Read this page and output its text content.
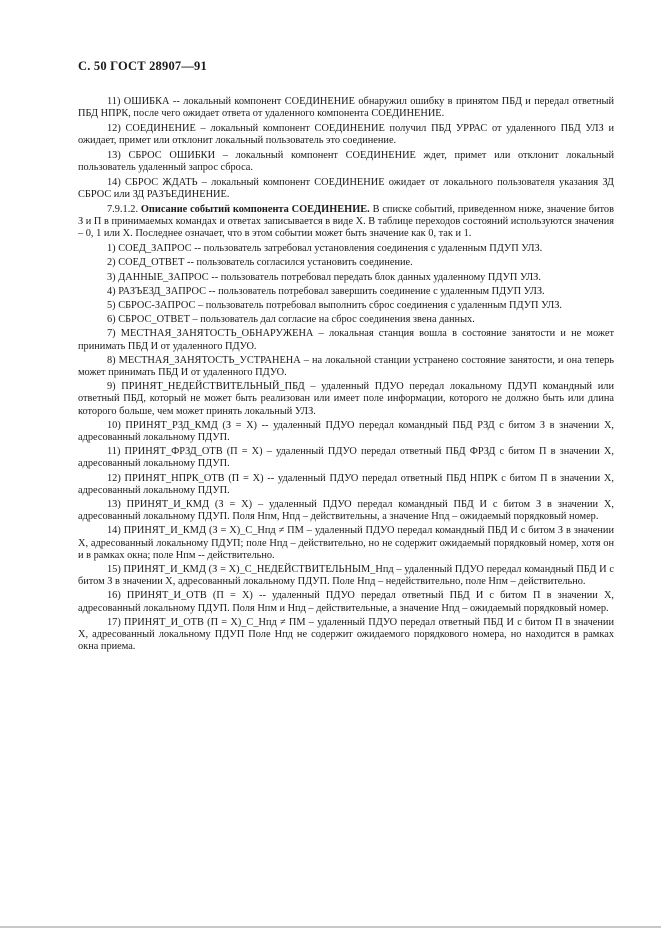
С. 50 ГОСТ 28907—91

11) ОШИБКА -- локальный компонент СОЕДИНЕНИЕ обнаружил ошибку в принятом ПБД и передал ответный ПБД НПРК, после чего ожидает ответа от удаленного компонента СОЕДИНЕНИЕ.

12) СОЕДИНЕНИЕ – локальный компонент СОЕДИНЕНИЕ получил ПБД УРРАС от удаленного ПБД УЛЗ и ожидает, примет или отклонит локальный пользователь это соединение.

13) СБРОС ОШИБКИ – локальный компонент СОЕДИНЕНИЕ ждет, примет или отклонит локальный пользователь удаленный запрос сброса.

14) СБРОС ЖДАТЬ – локальный компонент СОЕДИНЕНИЕ ожидает от локального пользователя указания ЗД СБРОС или ЗД РАЗЪЕДИНЕНИЕ.

7.9.1.2. Описание событий компонента СОЕДИНЕНИЕ. В списке событий, приведенном ниже, значение битов З и П в принимаемых командах и ответах записывается в виде Х. В таблице переходов состояний используются значения – 0, 1 или Х. Последнее означает, что в этом событии может быть значение как 0, так и 1.

1) СОЕД_ЗАПРОС -- пользователь затребовал установления соединения с удаленным ПДУП УЛЗ.

2) СОЕД_ОТВЕТ -- пользователь согласился установить соединение.

3) ДАННЫЕ_ЗАПРОС -- пользователь потребовал передать блок данных удаленному ПДУП УЛЗ.

4) РАЗЪЕЗД_ЗАПРОС -- пользователь потребовал завершить соединение с удаленным ПДУП УЛЗ.

5) СБРОС-ЗАПРОС – пользователь потребовал выполнить сброс соединения с удаленным ПДУП УЛЗ.

6) СБРОС_ОТВЕТ – пользователь дал согласие на сброс соединения звена данных.

7) МЕСТНАЯ_ЗАНЯТОСТЬ_ОБНАРУЖЕНА – локальная станция вошла в состояние занятости и не может принимать ПБД И от удаленного ПДУО.

8) МЕСТНАЯ_ЗАНЯТОСТЬ_УСТРАНЕНА – на локальной станции устранено состояние занятости, и она теперь может принимать ПБД И от удаленного ПДУО.

9) ПРИНЯТ_НЕДЕЙСТВИТЕЛЬНЫЙ_ПБД – удаленный ПДУО передал локальному ПДУП командный или ответный ПБД, который не может быть реализован или имеет поле информации, которого не должно быть или длина которого больше, чем может принять локальный УЛЗ.

10) ПРИНЯТ_РЗД_КМД (З = Х) -- удаленный ПДУО передал командный ПБД РЗД с битом З в значении Х, адресованный локальному ПДУП.

11) ПРИНЯТ_ФРЗД_ОТВ (П = Х) – удаленный ПДУО передал ответный ПБД ФРЗД с битом П в значении Х, адресованный локальному ПДУП.

12) ПРИНЯТ_НПРК_ОТВ (П = Х) -- удаленный ПДУО передал ответный ПБД НПРК с битом П в значении Х, адресованный локальному ПДУП.

13) ПРИНЯТ_И_КМД (З = Х) – удаленный ПДУО передал командный ПБД И с битом З в значении Х, адресованный локальному ПДУП. Поля Нпм, Нпд – действительны, а значение Нпд – ожидаемый порядковый номер.

14) ПРИНЯТ_И_КМД (З = Х)_С_Нпд ≠ ПМ – удаленный ПДУО передал командный ПБД И с битом З в значении Х, адресованный локальному ПДУП; поле Нпд – действительно, но не содержит ожидаемый порядковый номер, хотя он и в рамках окна; поле Нпм -- действительно.

15) ПРИНЯТ_И_КМД (З = Х)_С_НЕДЕЙСТВИТЕЛЬНЫМ_Нпд – удаленный ПДУО передал командный ПБД И с битом З в значении Х, адресованный локальному ПДУП. Поле Нпд – недействительно, поле Нпм – действительно.

16) ПРИНЯТ_И_ОТВ (П = Х) -- удаленный ПДУО передал ответный ПБД И с битом П в значении Х, адресованный локальному ПДУП. Поля Нпм и Нпд – действительные, а значение Нпд – ожидаемый порядковый номер.

17) ПРИНЯТ_И_ОТВ (П = Х)_С_Нпд ≠ ПМ – удаленный ПДУО передал ответный ПБД И с битом П в значении Х, адресованный локальному ПДУП Поле Нпд не содержит ожидаемого порядкового номера, но находится в рамках окна приема.
